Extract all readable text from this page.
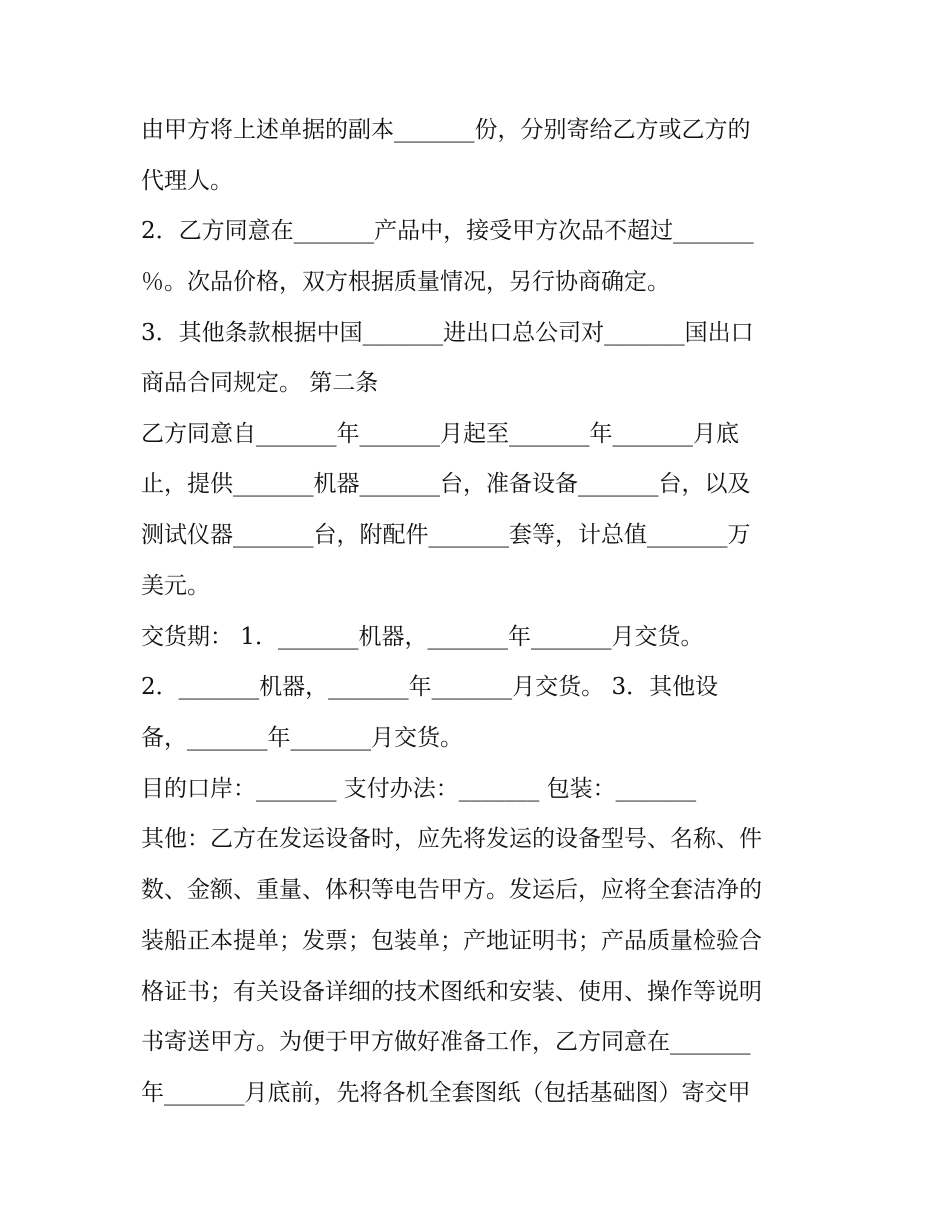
由甲方将上述单据的副本_______份，分别寄给乙方或乙方的

代理人。

2．乙方同意在_______产品中，接受甲方次品不超过_______

％。次品价格，双方根据质量情况，另行协商确定。

3．其他条款根据中国_______进出口总公司对_______国出口

商品合同规定。 第二条

乙方同意自_______年_______月起至_______年_______月底

止，提供_______机器_______台，准备设备_______台，以及

测试仪器_______台，附配件_______套等，计总值_______万

美元。

交货期： 1．_______机器，_______年_______月交货。

2．_______机器，_______年_______月交货。 3．其他设

备，_______年_______月交货。

目的口岸：_______ 支付办法：_______ 包装：_______

其他：乙方在发运设备时，应先将发运的设备型号、名称、件

数、金额、重量、体积等电告甲方。发运后，应将全套洁净的

装船正本提单；发票；包装单；产地证明书；产品质量检验合

格证书；有关设备详细的技术图纸和安装、使用、操作等说明

书寄送甲方。为便于甲方做好准备工作，乙方同意在_______

年_______月底前，先将各机全套图纸（包括基础图）寄交甲
